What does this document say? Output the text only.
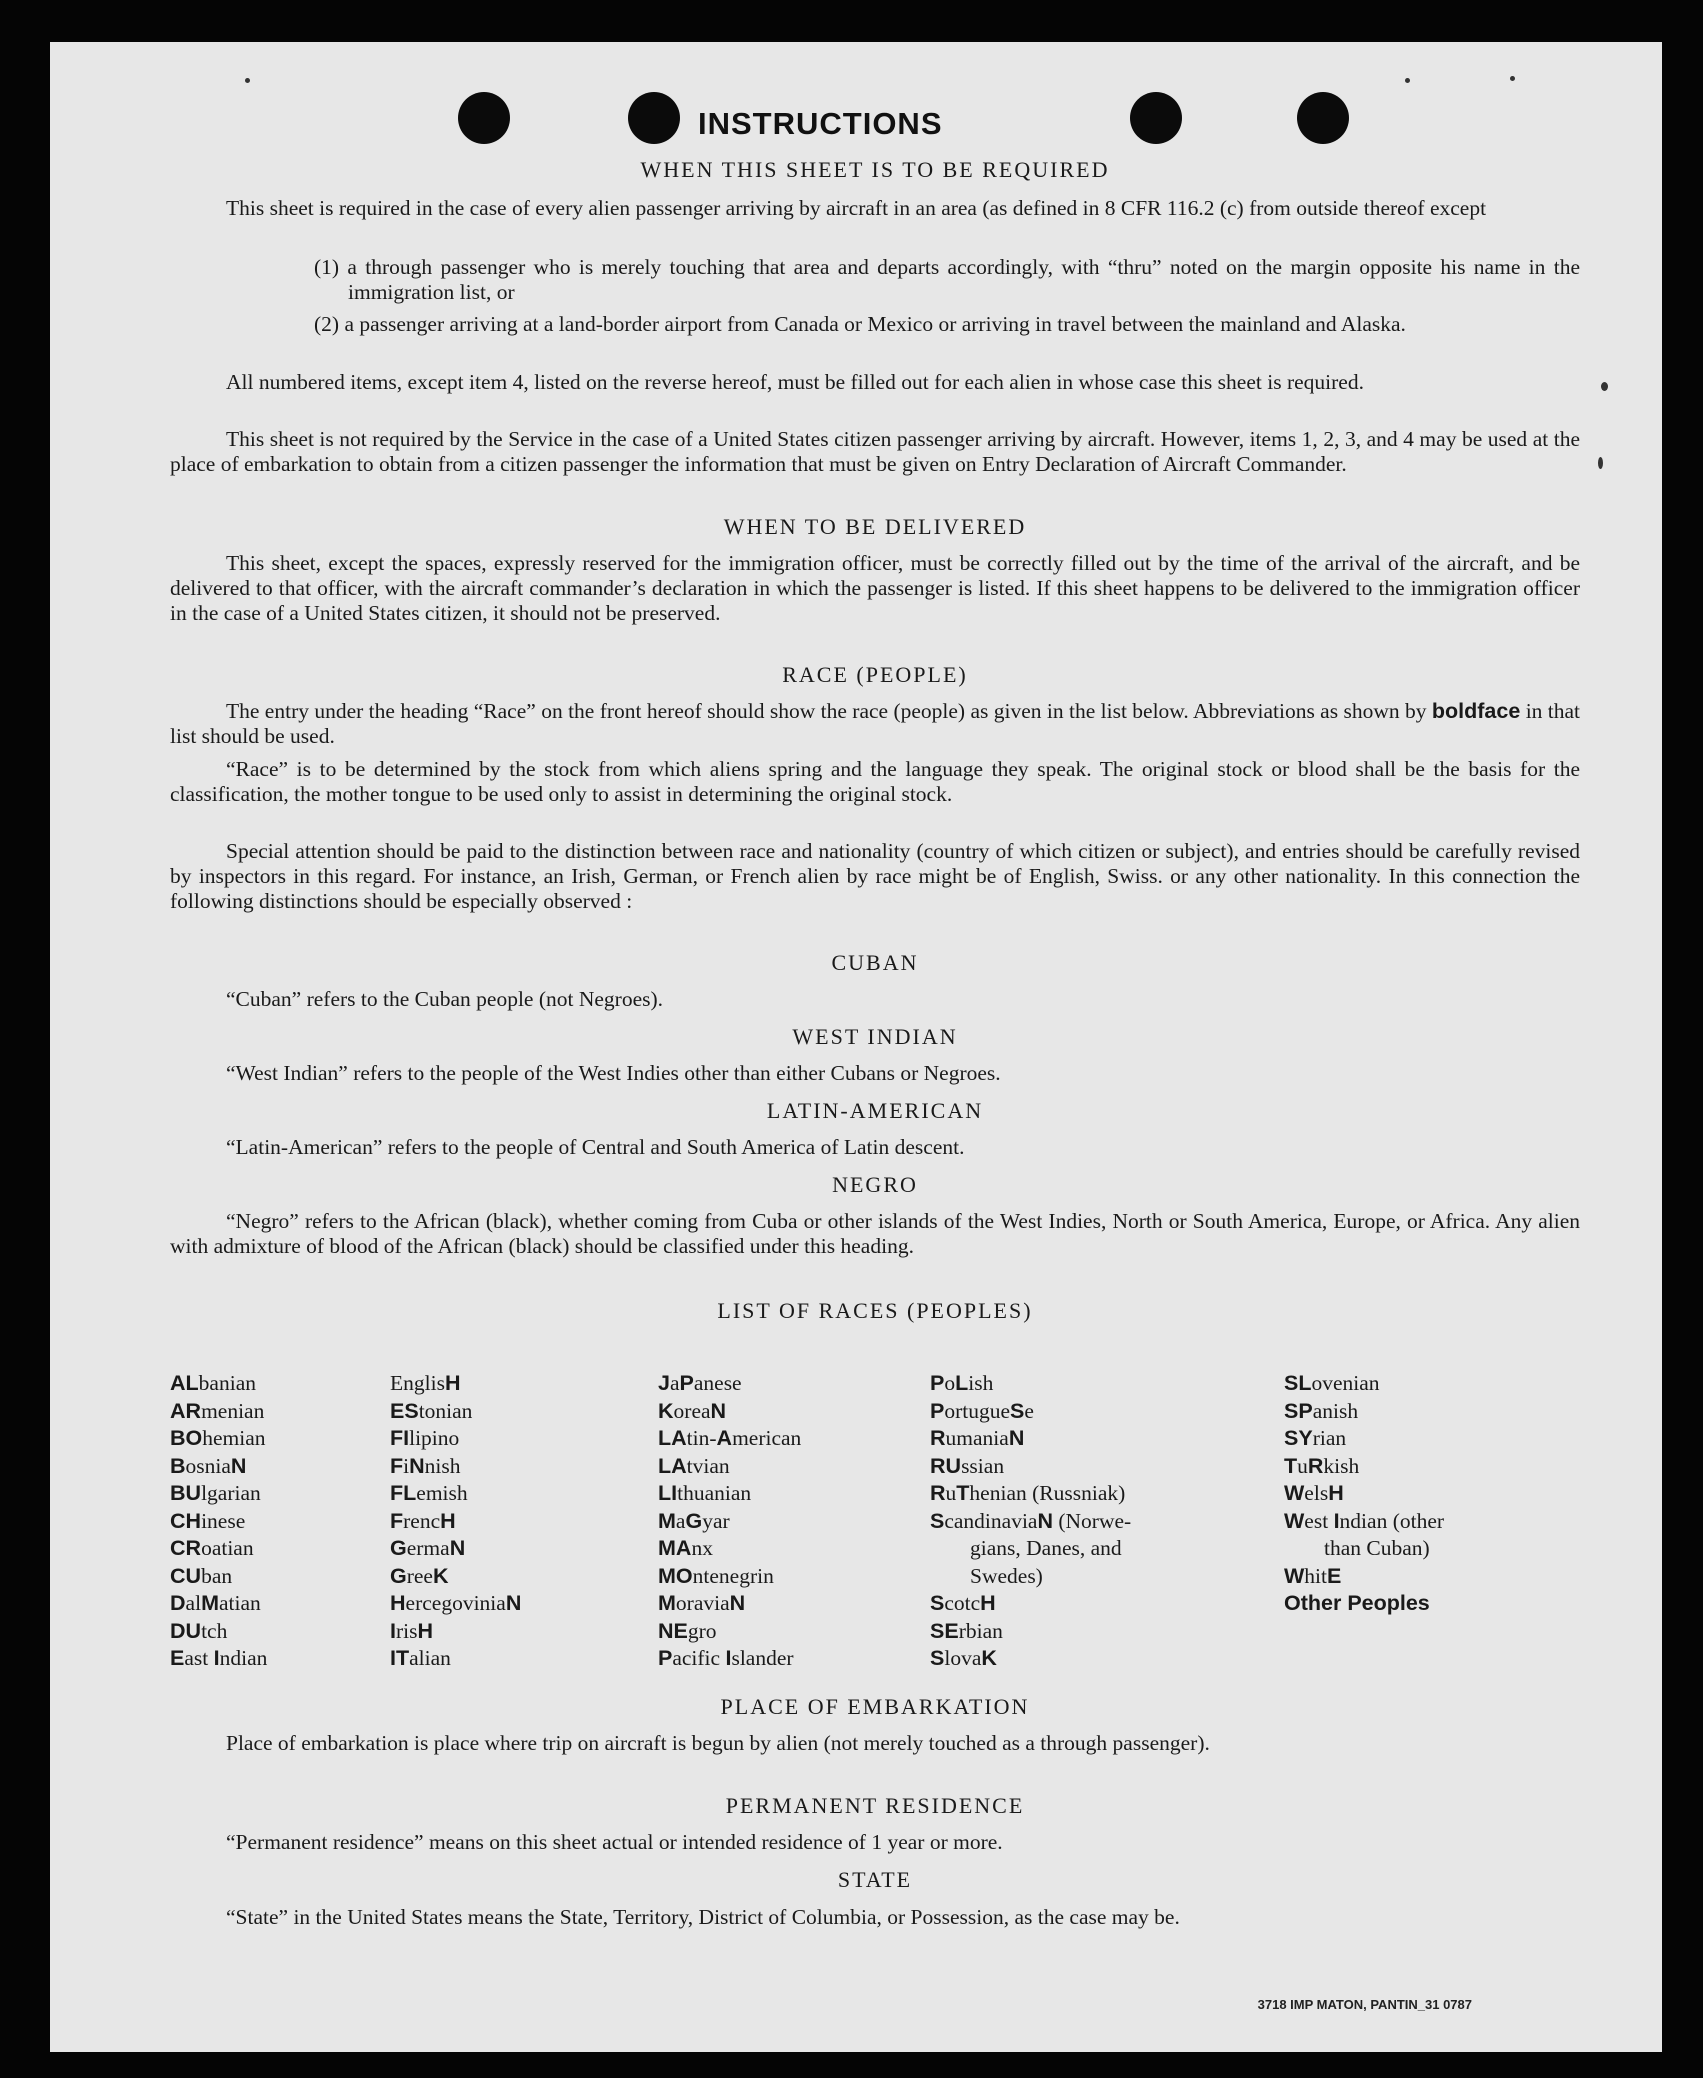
INSTRUCTIONS
WHEN THIS SHEET IS TO BE REQUIRED
This sheet is required in the case of every alien passenger arriving by aircraft in an area (as defined in 8 CFR 116.2 (c) from outside thereof except
(1) a through passenger who is merely touching that area and departs accordingly, with “thru” noted on the margin opposite his name in the immigration list, or
(2) a passenger arriving at a land-border airport from Canada or Mexico or arriving in travel between the mainland and Alaska.
All numbered items, except item 4, listed on the reverse hereof, must be filled out for each alien in whose case this sheet is required.
This sheet is not required by the Service in the case of a United States citizen passenger arriving by aircraft. However, items 1, 2, 3, and 4 may be used at the place of embarkation to obtain from a citizen passenger the information that must be given on Entry Declaration of Aircraft Commander.
WHEN TO BE DELIVERED
This sheet, except the spaces, expressly reserved for the immigration officer, must be correctly filled out by the time of the arrival of the aircraft, and be delivered to that officer, with the aircraft commander’s declaration in which the passenger is listed. If this sheet happens to be delivered to the immigration officer in the case of a United States citizen, it should not be preserved.
RACE (PEOPLE)
The entry under the heading “Race” on the front hereof should show the race (people) as given in the list below. Abbreviations as shown by boldface in that list should be used.
“Race” is to be determined by the stock from which aliens spring and the language they speak. The original stock or blood shall be the basis for the classification, the mother tongue to be used only to assist in determining the original stock.
Special attention should be paid to the distinction between race and nationality (country of which citizen or subject), and entries should be carefully revised by inspectors in this regard. For instance, an Irish, German, or French alien by race might be of English, Swiss. or any other nationality. In this connection the following distinctions should be especially observed :
CUBAN
“Cuban” refers to the Cuban people (not Negroes).
WEST INDIAN
“West Indian” refers to the people of the West Indies other than either Cubans or Negroes.
LATIN-AMERICAN
“Latin-American” refers to the people of Central and South America of Latin descent.
NEGRO
“Negro” refers to the African (black), whether coming from Cuba or other islands of the West Indies, North or South America, Europe, or Africa. Any alien with admixture of blood of the African (black) should be classified under this heading.
LIST OF RACES (PEOPLES)
ALbanian
ARmenian
BOhemian
BosniaN
BUlgarian
CHinese
CRoatian
CUban
DalMatian
DUtch
East Indian
EnglisH
EStonian
FIlipino
FiNnish
FLemish
FrencH
GermaN
GreeK
HercegoviniaN
IrisH
ITalian
JaPanese
KoreaN
LAtin-American
LAtvian
LIthuanian
MaGyar
MAnx
MOntenegrin
MoraviaN
NEgro
Pacific Islander
PoLish
PortugueSe
RumaniaN
RUssian
RuThenian (Russniak)
ScandinaviaN (Norwe-
gians, Danes, and
Swedes)
ScotcH
SErbian
SlovaK
SLovenian
SPanish
SYrian
TuRkish
WelsH
West Indian (other
than Cuban)
WhitE
Other Peoples
PLACE OF EMBARKATION
Place of embarkation is place where trip on aircraft is begun by alien (not merely touched as a through passenger).
PERMANENT RESIDENCE
“Permanent residence” means on this sheet actual or intended residence of 1 year or more.
STATE
“State” in the United States means the State, Territory, District of Columbia, or Possession, as the case may be.
3718 IMP MATON, PANTIN_31 0787
